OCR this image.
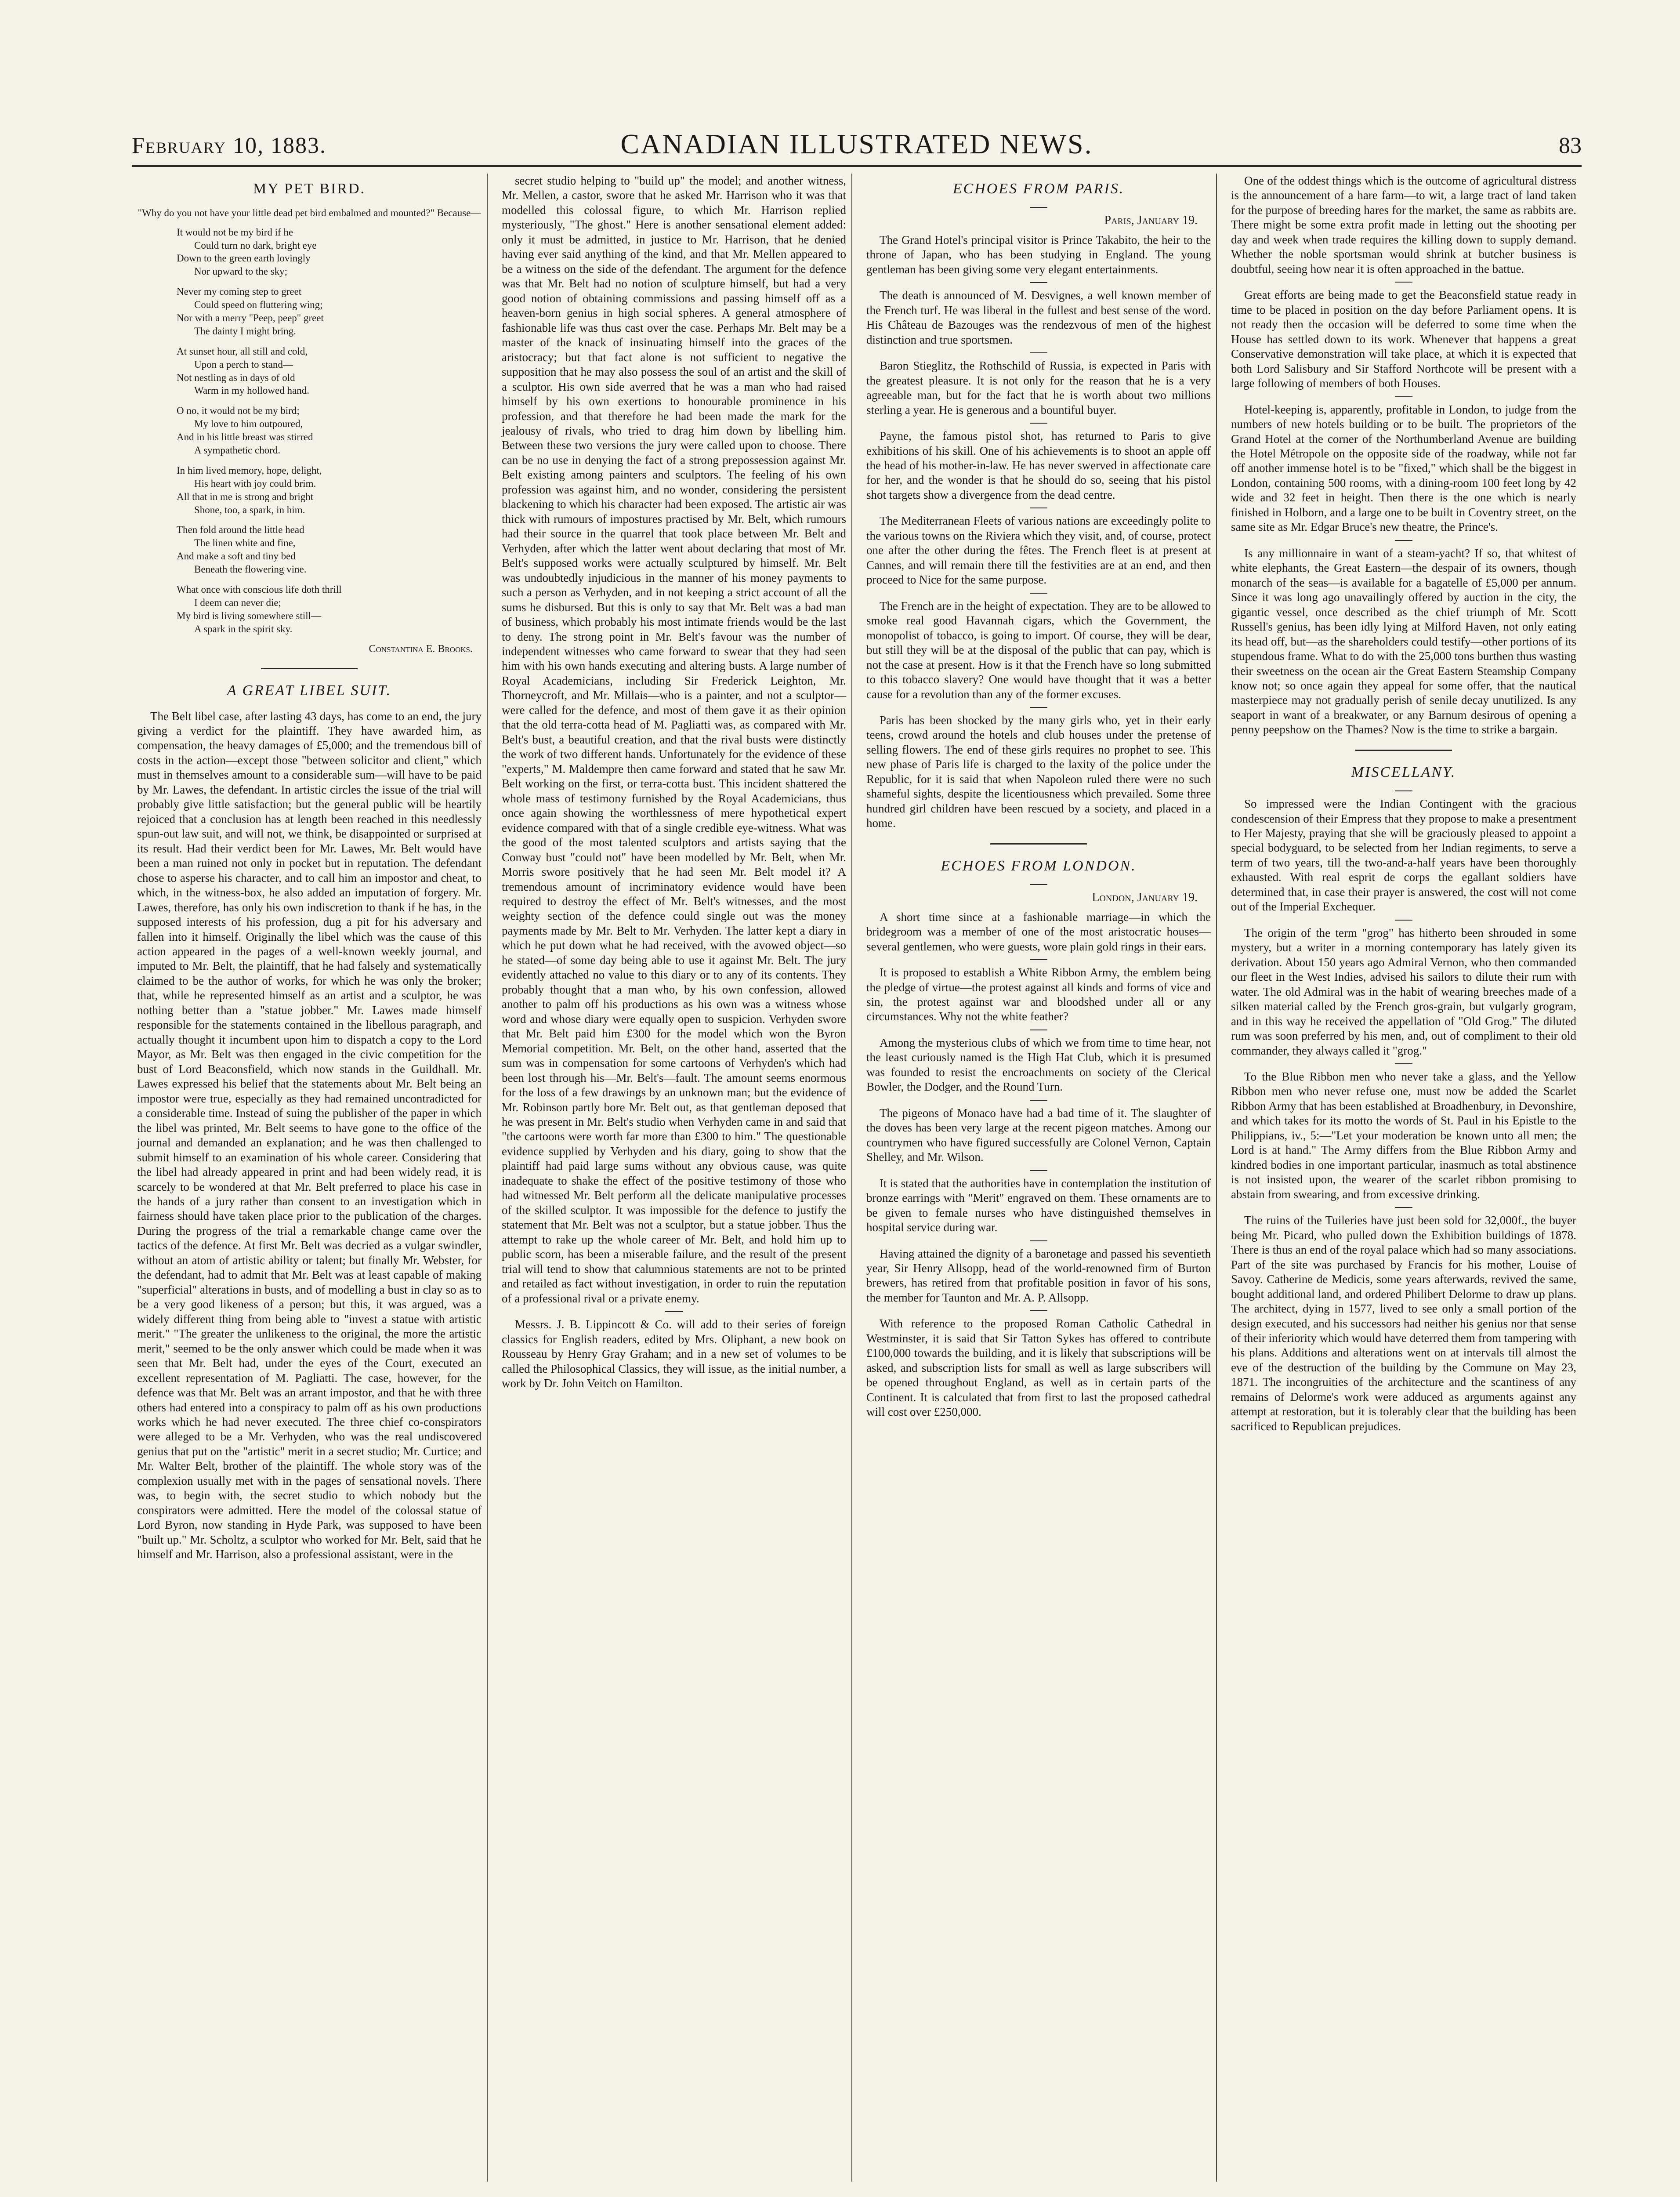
February 10, 1883.	CANADIAN ILLUSTRATED NEWS.	83
MY PET BIRD.
"Why do you not have your little dead pet bird embalmed and mounted?" Because—
It would not be my bird if he
Could turn no dark, bright eye
Down to the green earth lovingly
Nor upward to the sky;
Never my coming step to greet
Could speed on fluttering wing;
Nor with a merry "Peep, peep" greet
The dainty I might bring.
At sunset hour, all still and cold,
Upon a perch to stand—
Not nestling as in days of old
Warm in my hollowed hand.
O no, it would not be my bird;
My love to him outpoured,
And in his little breast was stirred
A sympathetic chord.
In him lived memory, hope, delight,
His heart with joy could brim.
All that in me is strong and bright
Shone, too, a spark, in him.
Then fold around the little head
The linen white and fine,
And make a soft and tiny bed
Beneath the flowering vine.
What once with conscious life doth thrill
I deem can never die;
My bird is living somewhere still—
A spark in the spirit sky.
Constantina E. Brooks.
A GREAT LIBEL SUIT.

The Belt libel case, after lasting 43 days, has come to an end, the jury giving a verdict for the plaintiff. They have awarded him, as compensation, the heavy damages of £5,000; and the tremendous bill of costs in the action—except those "between solicitor and client," which must in themselves amount to a considerable sum—will have to be paid by Mr. Lawes, the defendant. In artistic circles the issue of the trial will probably give little satisfaction; but the general public will be heartily rejoiced that a conclusion has at length been reached in this needlessly spun-out law suit, and will not, we think, be disappointed or surprised at its result. Had their verdict been for Mr. Lawes, Mr. Belt would have been a man ruined not only in pocket but in reputation. The defendant chose to asperse his character, and to call him an impostor and cheat, to which, in the witness-box, he also added an imputation of forgery. Mr. Lawes, therefore, has only his own indiscretion to thank if he has, in the supposed interests of his profession, dug a pit for his adversary and fallen into it himself. Originally the libel which was the cause of this action appeared in the pages of a well-known weekly journal, and imputed to Mr. Belt, the plaintiff, that he had falsely and systematically claimed to be the author of works, for which he was only the broker; that, while he represented himself as an artist and a sculptor, he was nothing better than a "statue jobber." Mr. Lawes made himself responsible for the statements contained in the libellous paragraph, and actually thought it incumbent upon him to dispatch a copy to the Lord Mayor, as Mr. Belt was then engaged in the civic competition for the bust of Lord Beaconsfield, which now stands in the Guildhall. Mr. Lawes expressed his belief that the statements about Mr. Belt being an impostor were true, especially as they had remained uncontradicted for a considerable time. Instead of suing the publisher of the paper in which the libel was printed, Mr. Belt seems to have gone to the office of the journal and demanded an explanation; and he was then challenged to submit himself to an examination of his whole career. Considering that the libel had already appeared in print and had been widely read, it is scarcely to be wondered at that Mr. Belt preferred to place his case in the hands of a jury rather than consent to an investigation which in fairness should have taken place prior to the publication of the charges. During the progress of the trial a remarkable change came over the tactics of the defence. At first Mr. Belt was decried as a vulgar swindler, without an atom of artistic ability or talent; but finally Mr. Webster, for the defendant, had to admit that Mr. Belt was at least capable of making "superficial" alterations in busts, and of modelling a bust in clay so as to be a very good likeness of a person; but this, it was argued, was a widely different thing from being able to "invest a statue with artistic merit." "The greater the unlikeness to the original, the more the artistic merit," seemed to be the only answer which could be made when it was seen that Mr. Belt had, under the eyes of the Court, executed an excellent representation of M. Pagliatti. The case, however, for the defence was that Mr. Belt was an arrant impostor, and that he with three others had entered into a conspiracy to palm off as his own productions works which he had never executed. The three chief co-conspirators were alleged to be a Mr. Verhyden, who was the real undiscovered genius that put on the "artistic" merit in a secret studio; Mr. Curtice; and Mr. Walter Belt, brother of the plaintiff. The whole story was of the complexion usually met with in the pages of sensational novels. There was, to begin with, the secret studio to which nobody but the conspirators were admitted. Here the model of the colossal statue of Lord Byron, now standing in Hyde Park, was supposed to have been "built up." Mr. Scholtz, a sculptor who worked for Mr. Belt, said that he himself and Mr. Harrison, also a professional assistant, were in the

secret studio helping to "build up" the model; and another witness, Mr. Mellen, a castor, swore that he asked Mr. Harrison who it was that modelled this colossal figure, to which Mr. Harrison replied mysteriously, "The ghost." Here is another sensational element added: only it must be admitted, in justice to Mr. Harrison, that he denied having ever said anything of the kind, and that Mr. Mellen appeared to be a witness on the side of the defendant. The argument for the defence was that Mr. Belt had no notion of sculpture himself, but had a very good notion of obtaining commissions and passing himself off as a heaven-born genius in high social spheres. A general atmosphere of fashionable life was thus cast over the case. Perhaps Mr. Belt may be a master of the knack of insinuating himself into the graces of the aristocracy; but that fact alone is not sufficient to negative the supposition that he may also possess the soul of an artist and the skill of a sculptor. His own side averred that he was a man who had raised himself by his own exertions to honourable prominence in his profession, and that therefore he had been made the mark for the jealousy of rivals, who tried to drag him down by libelling him. Between these two versions the jury were called upon to choose. There can be no use in denying the fact of a strong prepossession against Mr. Belt existing among painters and sculptors. The feeling of his own profession was against him, and no wonder, considering the persistent blackening to which his character had been exposed. The artistic air was thick with rumours of impostures practised by Mr. Belt, which rumours had their source in the quarrel that took place between Mr. Belt and Verhyden, after which the latter went about declaring that most of Mr. Belt's supposed works were actually sculptured by himself. Mr. Belt was undoubtedly injudicious in the manner of his money payments to such a person as Verhyden, and in not keeping a strict account of all the sums he disbursed. But this is only to say that Mr. Belt was a bad man of business, which probably his most intimate friends would be the last to deny. The strong point in Mr. Belt's favour was the number of independent witnesses who came forward to swear that they had seen him with his own hands executing and altering busts. A large number of Royal Academicians, including Sir Frederick Leighton, Mr. Thorneycroft, and Mr. Millais—who is a painter, and not a sculptor—were called for the defence, and most of them gave it as their opinion that the old terra-cotta head of M. Pagliatti was, as compared with Mr. Belt's bust, a beautiful creation, and that the rival busts were distinctly the work of two different hands. Unfortunately for the evidence of these "experts," M. Maldempre then came forward and stated that he saw Mr. Belt working on the first, or terra-cotta bust. This incident shattered the whole mass of testimony furnished by the Royal Academicians, thus once again showing the worthlessness of mere hypothetical expert evidence compared with that of a single credible eye-witness. What was the good of the most talented sculptors and artists saying that the Conway bust "could not" have been modelled by Mr. Belt, when Mr. Morris swore positively that he had seen Mr. Belt model it? A tremendous amount of incriminatory evidence would have been required to destroy the effect of Mr. Belt's witnesses, and the most weighty section of the defence could single out was the money payments made by Mr. Belt to Mr. Verhyden. The latter kept a diary in which he put down what he had received, with the avowed object—so he stated—of some day being able to use it against Mr. Belt. The jury evidently attached no value to this diary or to any of its contents. They probably thought that a man who, by his own confession, allowed another to palm off his productions as his own was a witness whose word and whose diary were equally open to suspicion. Verhyden swore that Mr. Belt paid him £300 for the model which won the Byron Memorial competition. Mr. Belt, on the other hand, asserted that the sum was in compensation for some cartoons of Verhyden's which had been lost through his—Mr. Belt's—fault. The amount seems enormous for the loss of a few drawings by an unknown man; but the evidence of Mr. Robinson partly bore Mr. Belt out, as that gentleman deposed that he was present in Mr. Belt's studio when Verhyden came in and said that "the cartoons were worth far more than £300 to him." The questionable evidence supplied by Verhyden and his diary, going to show that the plaintiff had paid large sums without any obvious cause, was quite inadequate to shake the effect of the positive testimony of those who had witnessed Mr. Belt perform all the delicate manipulative processes of the skilled sculptor. It was impossible for the defence to justify the statement that Mr. Belt was not a sculptor, but a statue jobber. Thus the attempt to rake up the whole career of Mr. Belt, and hold him up to public scorn, has been a miserable failure, and the result of the present trial will tend to show that calumnious statements are not to be printed and retailed as fact without investigation, in order to ruin the reputation of a professional rival or a private enemy.

Messrs. J. B. Lippincott & Co. will add to their series of foreign classics for English readers, edited by Mrs. Oliphant, a new book on Rousseau by Henry Gray Graham; and in a new set of volumes to be called the Philosophical Classics, they will issue, as the initial number, a work by Dr. John Veitch on Hamilton.

ECHOES FROM PARIS.
Paris, January 19.

The Grand Hotel's principal visitor is Prince Takabito, the heir to the throne of Japan, who has been studying in England. The young gentleman has been giving some very elegant entertainments.

The death is announced of M. Desvignes, a well known member of the French turf. He was liberal in the fullest and best sense of the word. His Château de Bazouges was the rendezvous of men of the highest distinction and true sportsmen.

Baron Stieglitz, the Rothschild of Russia, is expected in Paris with the greatest pleasure. It is not only for the reason that he is a very agreeable man, but for the fact that he is worth about two millions sterling a year. He is generous and a bountiful buyer.

Payne, the famous pistol shot, has returned to Paris to give exhibitions of his skill. One of his achievements is to shoot an apple off the head of his mother-in-law. He has never swerved in affectionate care for her, and the wonder is that he should do so, seeing that his pistol shot targets show a divergence from the dead centre.

The Mediterranean Fleets of various nations are exceedingly polite to the various towns on the Riviera which they visit, and, of course, protect one after the other during the fêtes. The French fleet is at present at Cannes, and will remain there till the festivities are at an end, and then proceed to Nice for the same purpose.

The French are in the height of expectation. They are to be allowed to smoke real good Havannah cigars, which the Government, the monopolist of tobacco, is going to import. Of course, they will be dear, but still they will be at the disposal of the public that can pay, which is not the case at present. How is it that the French have so long submitted to this tobacco slavery? One would have thought that it was a better cause for a revolution than any of the former excuses.

Paris has been shocked by the many girls who, yet in their early teens, crowd around the hotels and club houses under the pretense of selling flowers. The end of these girls requires no prophet to see. This new phase of Paris life is charged to the laxity of the police under the Republic, for it is said that when Napoleon ruled there were no such shameful sights, despite the licentiousness which prevailed. Some three hundred girl children have been rescued by a society, and placed in a home.

ECHOES FROM LONDON.
London, January 19.

A short time since at a fashionable marriage—in which the bridegroom was a member of one of the most aristocratic houses—several gentlemen, who were guests, wore plain gold rings in their ears.

It is proposed to establish a White Ribbon Army, the emblem being the pledge of virtue—the protest against all kinds and forms of vice and sin, the protest against war and bloodshed under all or any circumstances. Why not the white feather?

Among the mysterious clubs of which we from time to time hear, not the least curiously named is the High Hat Club, which it is presumed was founded to resist the encroachments on society of the Clerical Bowler, the Dodger, and the Round Turn.

The pigeons of Monaco have had a bad time of it. The slaughter of the doves has been very large at the recent pigeon matches. Among our countrymen who have figured successfully are Colonel Vernon, Captain Shelley, and Mr. Wilson.

It is stated that the authorities have in contemplation the institution of bronze earrings with "Merit" engraved on them. These ornaments are to be given to female nurses who have distinguished themselves in hospital service during war.

Having attained the dignity of a baronetage and passed his seventieth year, Sir Henry Allsopp, head of the world-renowned firm of Burton brewers, has retired from that profitable position in favor of his sons, the member for Taunton and Mr. A. P. Allsopp.

With reference to the proposed Roman Catholic Cathedral in Westminster, it is said that Sir Tatton Sykes has offered to contribute £100,000 towards the building, and it is likely that subscriptions will be asked, and subscription lists for small as well as large subscribers will be opened throughout England, as well as in certain parts of the Continent. It is calculated that from first to last the proposed cathedral will cost over £250,000.

One of the oddest things which is the outcome of agricultural distress is the announcement of a hare farm—to wit, a large tract of land taken for the purpose of breeding hares for the market, the same as rabbits are. There might be some extra profit made in letting out the shooting per day and week when trade requires the killing down to supply demand. Whether the noble sportsman would shrink at butcher business is doubtful, seeing how near it is often approached in the battue.

Great efforts are being made to get the Beaconsfield statue ready in time to be placed in position on the day before Parliament opens. It is not ready then the occasion will be deferred to some time when the House has settled down to its work. Whenever that happens a great Conservative demonstration will take place, at which it is expected that both Lord Salisbury and Sir Stafford Northcote will be present with a large following of members of both Houses.

Hotel-keeping is, apparently, profitable in London, to judge from the numbers of new hotels building or to be built. The proprietors of the Grand Hotel at the corner of the Northumberland Avenue are building the Hotel Métropole on the opposite side of the roadway, while not far off another immense hotel is to be "fixed," which shall be the biggest in London, containing 500 rooms, with a dining-room 100 feet long by 42 wide and 32 feet in height. Then there is the one which is nearly finished in Holborn, and a large one to be built in Coventry street, on the same site as Mr. Edgar Bruce's new theatre, the Prince's.

Is any millionnaire in want of a steam-yacht? If so, that whitest of white elephants, the Great Eastern—the despair of its owners, though monarch of the seas—is available for a bagatelle of £5,000 per annum. Since it was long ago unavailingly offered by auction in the city, the gigantic vessel, once described as the chief triumph of Mr. Scott Russell's genius, has been idly lying at Milford Haven, not only eating its head off, but—as the shareholders could testify—other portions of its stupendous frame. What to do with the 25,000 tons burthen thus wasting their sweetness on the ocean air the Great Eastern Steamship Company know not; so once again they appeal for some offer, that the nautical masterpiece may not gradually perish of senile decay unutilized. Is any seaport in want of a breakwater, or any Barnum desirous of opening a penny peepshow on the Thames? Now is the time to strike a bargain.

MISCELLANY.

So impressed were the Indian Contingent with the gracious condescension of their Empress that they propose to make a presentment to Her Majesty, praying that she will be graciously pleased to appoint a special bodyguard, to be selected from her Indian regiments, to serve a term of two years, till the two-and-a-half years have been thoroughly exhausted. With real esprit de corps the egallant soldiers have determined that, in case their prayer is answered, the cost will not come out of the Imperial Exchequer.

The origin of the term "grog" has hitherto been shrouded in some mystery, but a writer in a morning contemporary has lately given its derivation. About 150 years ago Admiral Vernon, who then commanded our fleet in the West Indies, advised his sailors to dilute their rum with water. The old Admiral was in the habit of wearing breeches made of a silken material called by the French gros-grain, but vulgarly grogram, and in this way he received the appellation of "Old Grog." The diluted rum was soon preferred by his men, and, out of compliment to their old commander, they always called it "grog."

To the Blue Ribbon men who never take a glass, and the Yellow Ribbon men who never refuse one, must now be added the Scarlet Ribbon Army that has been established at Broadhenbury, in Devonshire, and which takes for its motto the words of St. Paul in his Epistle to the Philippians, iv., 5:—"Let your moderation be known unto all men; the Lord is at hand." The Army differs from the Blue Ribbon Army and kindred bodies in one important particular, inasmuch as total abstinence is not insisted upon, the wearer of the scarlet ribbon promising to abstain from swearing, and from excessive drinking.

The ruins of the Tuileries have just been sold for 32,000f., the buyer being Mr. Picard, who pulled down the Exhibition buildings of 1878. There is thus an end of the royal palace which had so many associations. Part of the site was purchased by Francis for his mother, Louise of Savoy. Catherine de Medicis, some years afterwards, revived the same, bought additional land, and ordered Philibert Delorme to draw up plans. The architect, dying in 1577, lived to see only a small portion of the design executed, and his successors had neither his genius nor that sense of their inferiority which would have deterred them from tampering with his plans. Additions and alterations went on at intervals till almost the eve of the destruction of the building by the Commune on May 23, 1871. The incongruities of the architecture and the scantiness of any remains of Delorme's work were adduced as arguments against any attempt at restoration, but it is tolerably clear that the building has been sacrificed to Republican prejudices.
